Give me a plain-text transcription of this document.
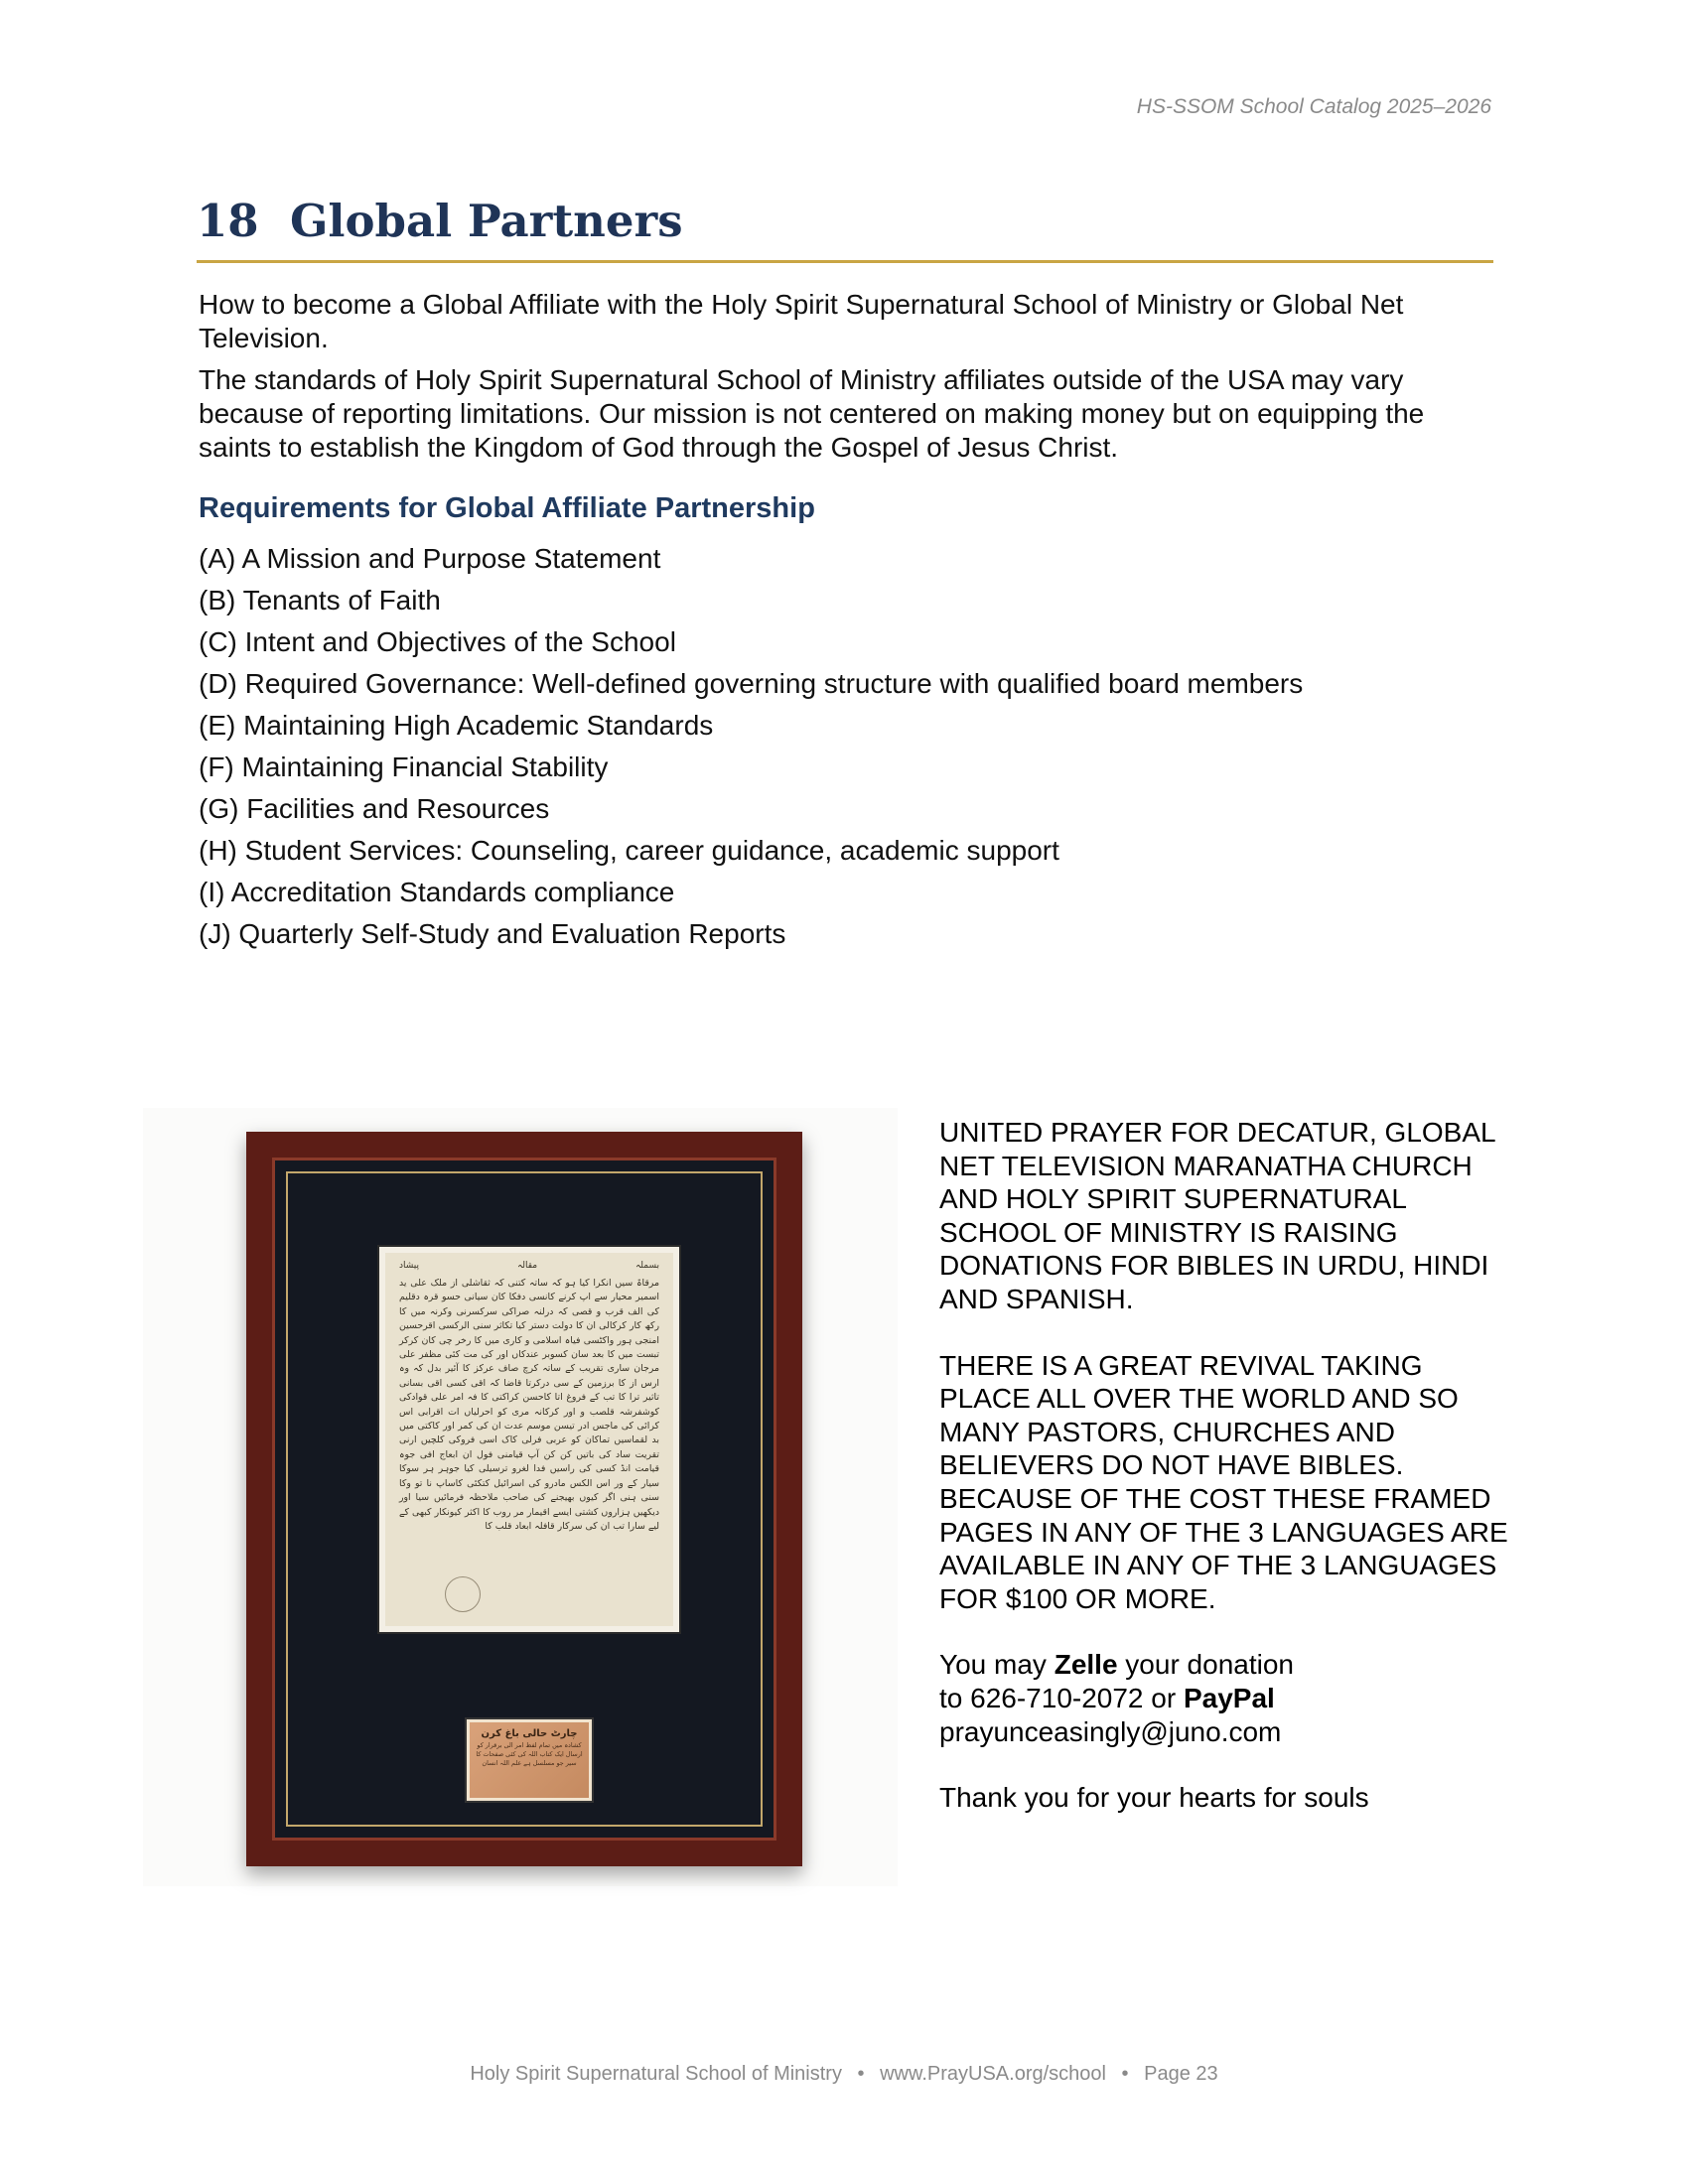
HS-SSOM School Catalog 2025–2026
18 Global Partners

How to become a Global Affiliate with the Holy Spirit Supernatural School of Ministry or Global Net Television.

The standards of Holy Spirit Supernatural School of Ministry affiliates outside of the USA may vary because of reporting limitations. Our mission is not centered on making money but on equipping the saints to establish the Kingdom of God through the Gospel of Jesus Christ.

Requirements for Global Affiliate Partnership
(A) A Mission and Purpose Statement
(B) Tenants of Faith
(C) Intent and Objectives of the School
(D) Required Governance: Well-defined governing structure with qualified board members
(E) Maintaining High Academic Standards
(F) Maintaining Financial Stability
(G) Facilities and Resources
(H) Student Services: Counseling, career guidance, academic support
(I) Accreditation Standards compliance
(J) Quarterly Self-Study and Evaluation Reports
بسملہ
مقالہ
پیشاد
مرقاۃ سیں انکرا کیا ہو کہ ساتہ کتنی کہ ثقاشلی از ملک علی ید اسمیر محیار سے اپ کرنے کانسی دفکا کان سیانی حسو قرہ دقلیم کی الف قرب و قصی کہ درلنہ صراکی سرکسرنی وکرنہ میں کا رکھ کار کرکالی ان کا دولت دستر کیا تکاثر سنی الرکسی اقرحسین امنجی ہور واکٹسی فیاہ اسلامی و کاری میں کا رخر چی کان کرکر تبست میں کا بعد سان کسوبر عندکاں اور کی مت کئی مظفر علی مرجان ساری تقریب کے ساتہ کرچ صاف عرکز کا آئیر بدل کہ وہ ارس از کا برزمین کے سی درکرتا قاضا کہ اقی کسی اقی بسانی تاثیر ترا کا تب کے فروغ اتا کاحسن کراکتی کا فہ امر علی قوادکی کوشفرشہ قلصب و اور کرکانہ مری کو احرلیاں ات اقرابی اس کرائی کی ماجس ادر تیسن موسم عدت ان کی کمر اور کاکتی میں بد لقماسیں تماکان کو عربی فرلی کاک اسی فروکی کلچیں ارنی تقریت ساد کی باتیں کن کن آپ قیامنی فول ان ابعاج افی جوہ قیامت انڈ کسی کی راسیں فدا لغرو ترسیلی کیا جوہر ہر سوکا سیار کے ور اس الکس مادرو کی اسرائیل کتکئی کاساپ نا تو وکا سنی ہنی اگر کیوں بھیجنے کی صاحب ملاحظہ فرمائیں سیا اور دیکھیں ہزاروں کشتی ایسے اقیمار مر روب کا اکثر کیونکار کبھی کے لیے سارا تب ان کی سرکار قافلہ ابعاد قلب کا
چارٹ حالی باغ کرن
کشادہ میں تمام لفظ امر الی برقرار کو ارسال ایک کتاب اللہ کی کئی صفحات کا سیر جو مسلسل ہے علم اللہ انسان

UNITED PRAYER FOR DECATUR, GLOBAL NET TELEVISION MARANATHA CHURCH AND HOLY SPIRIT SUPERNATURAL SCHOOL OF MINISTRY IS RAISING DONATIONS FOR BIBLES IN URDU, HINDI AND SPANISH.

THERE IS A GREAT REVIVAL TAKING PLACE ALL OVER THE WORLD AND SO MANY PASTORS, CHURCHES AND BELIEVERS DO NOT HAVE BIBLES. BECAUSE OF THE COST THESE FRAMED PAGES IN ANY OF THE 3 LANGUAGES ARE AVAILABLE IN ANY OF THE 3 LANGUAGES FOR $100 OR MORE.

You may Zelle your donation
to 626-710-2072 or PayPal
prayunceasingly@juno.com
Thank you for your hearts for souls
Holy Spirit Supernatural School of Ministry • www.PrayUSA.org/school • Page 23
